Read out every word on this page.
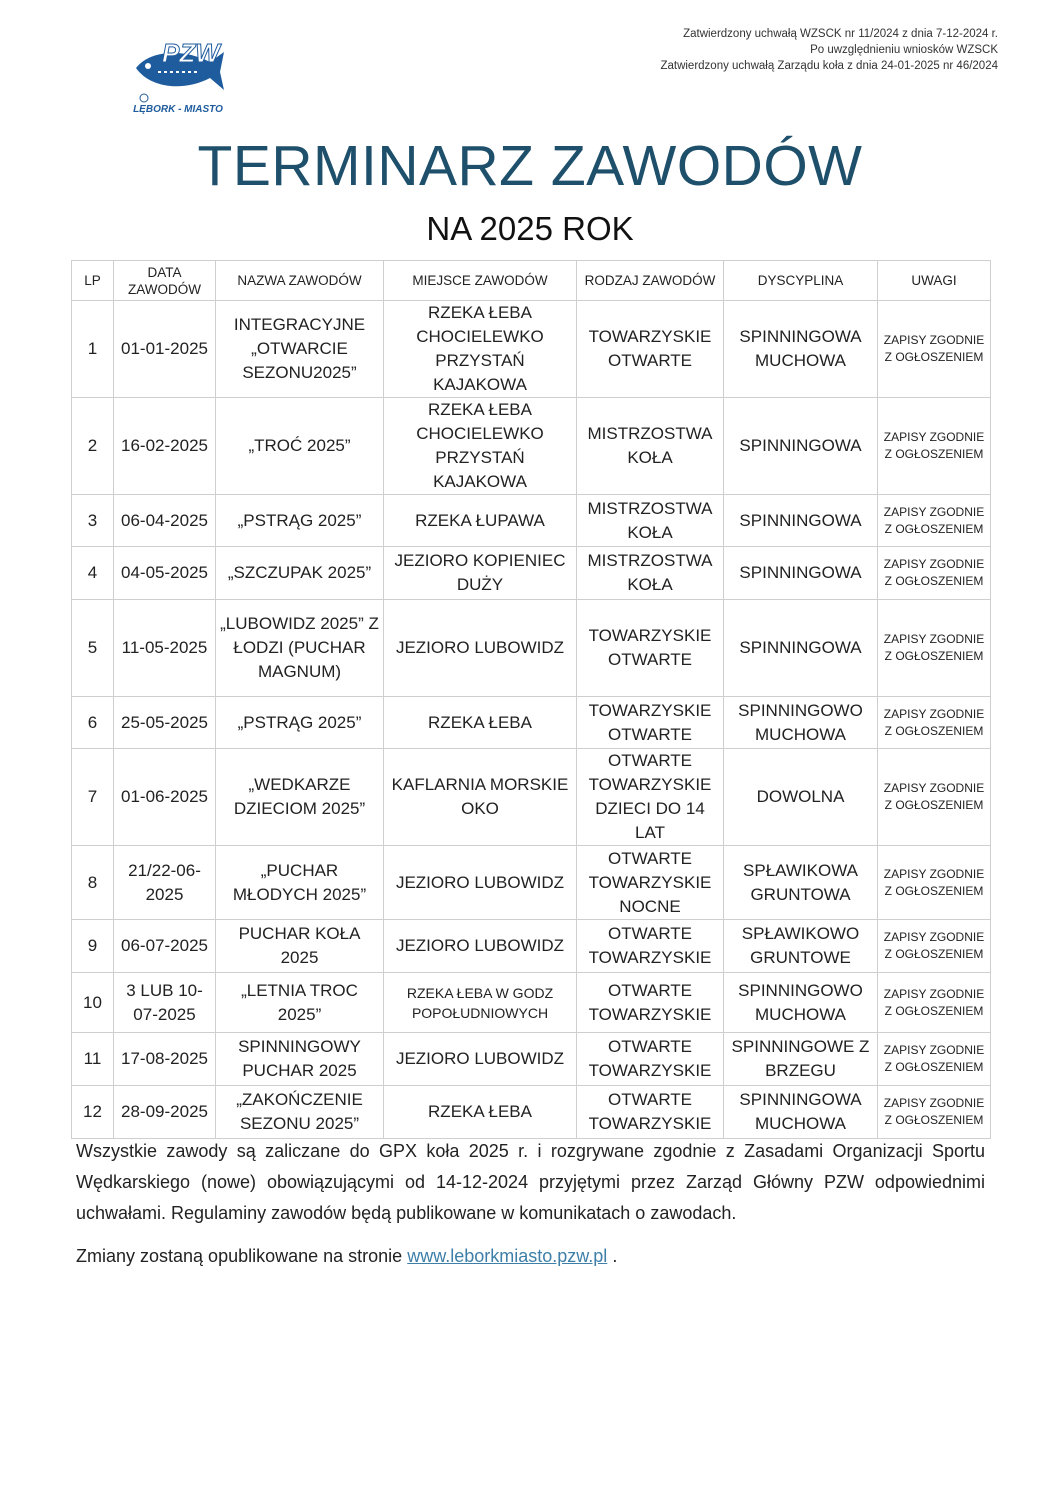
PZW
LĘBORK - MIASTO
Zatwierdzony uchwałą WZSCK nr 11/2024 z dnia 7-12-2024 r.
Po uwzględnieniu wniosków WZSCK
Zatwierdzony uchwałą Zarządu koła z dnia 24-01-2025 nr 46/2024
TERMINARZ ZAWODÓW
NA 2025 ROK
LP	DATA ZAWODÓW	NAZWA ZAWODÓW	MIEJSCE ZAWODÓW	RODZAJ ZAWODÓW	DYSCYPLINA	UWAGI
1	01-01-2025	INTEGRACYJNE „OTWARCIE SEZONU2025”	RZEKA ŁEBA CHOCIELEWKO PRZYSTAŃ KAJAKOWA	TOWARZYSKIE OTWARTE	SPINNINGOWA MUCHOWA	ZAPISY ZGODNIE Z OGŁOSZENIEM
2	16-02-2025	„TROĆ 2025”	RZEKA ŁEBA CHOCIELEWKO PRZYSTAŃ KAJAKOWA	MISTRZOSTWA KOŁA	SPINNINGOWA	ZAPISY ZGODNIE Z OGŁOSZENIEM
3	06-04-2025	„PSTRĄG 2025”	RZEKA ŁUPAWA	MISTRZOSTWA KOŁA	SPINNINGOWA	ZAPISY ZGODNIE Z OGŁOSZENIEM
4	04-05-2025	„SZCZUPAK 2025”	JEZIORO KOPIENIEC DUŻY	MISTRZOSTWA KOŁA	SPINNINGOWA	ZAPISY ZGODNIE Z OGŁOSZENIEM
5	11-05-2025	„LUBOWIDZ 2025” Z ŁODZI (PUCHAR MAGNUM)	JEZIORO LUBOWIDZ	TOWARZYSKIE OTWARTE	SPINNINGOWA	ZAPISY ZGODNIE Z OGŁOSZENIEM
6	25-05-2025	„PSTRĄG 2025”	RZEKA ŁEBA	TOWARZYSKIE OTWARTE	SPINNINGOWO MUCHOWA	ZAPISY ZGODNIE Z OGŁOSZENIEM
7	01-06-2025	„WEDKARZE DZIECIOM 2025”	KAFLARNIA MORSKIE OKO	OTWARTE TOWARZYSKIE DZIECI DO 14 LAT	DOWOLNA	ZAPISY ZGODNIE Z OGŁOSZENIEM
8	21/22-06-2025	„PUCHAR MŁODYCH 2025”	JEZIORO LUBOWIDZ	OTWARTE TOWARZYSKIE NOCNE	SPŁAWIKOWA GRUNTOWA	ZAPISY ZGODNIE Z OGŁOSZENIEM
9	06-07-2025	PUCHAR KOŁA 2025	JEZIORO LUBOWIDZ	OTWARTE TOWARZYSKIE	SPŁAWIKOWO GRUNTOWE	ZAPISY ZGODNIE Z OGŁOSZENIEM
10	3 LUB 10-07-2025	„LETNIA TROC 2025”	RZEKA ŁEBA W GODZ POPOŁUDNIOWYCH	OTWARTE TOWARZYSKIE	SPINNINGOWO MUCHOWA	ZAPISY ZGODNIE Z OGŁOSZENIEM
11	17-08-2025	SPINNINGOWY PUCHAR 2025	JEZIORO LUBOWIDZ	OTWARTE TOWARZYSKIE	SPINNINGOWE Z BRZEGU	ZAPISY ZGODNIE Z OGŁOSZENIEM
12	28-09-2025	„ZAKOŃCZENIE SEZONU 2025”	RZEKA ŁEBA	OTWARTE TOWARZYSKIE	SPINNINGOWA MUCHOWA	ZAPISY ZGODNIE Z OGŁOSZENIEM
Wszystkie zawody są zaliczane do GPX koła 2025 r. i rozgrywane zgodnie z Zasadami Organizacji Sportu Wędkarskiego (nowe) obowiązującymi od 14-12-2024 przyjętymi przez Zarząd Główny PZW odpowiednimi uchwałami. Regulaminy zawodów będą publikowane w komunikatach o zawodach.
Zmiany zostaną opublikowane na stronie www.leborkmiasto.pzw.pl .
